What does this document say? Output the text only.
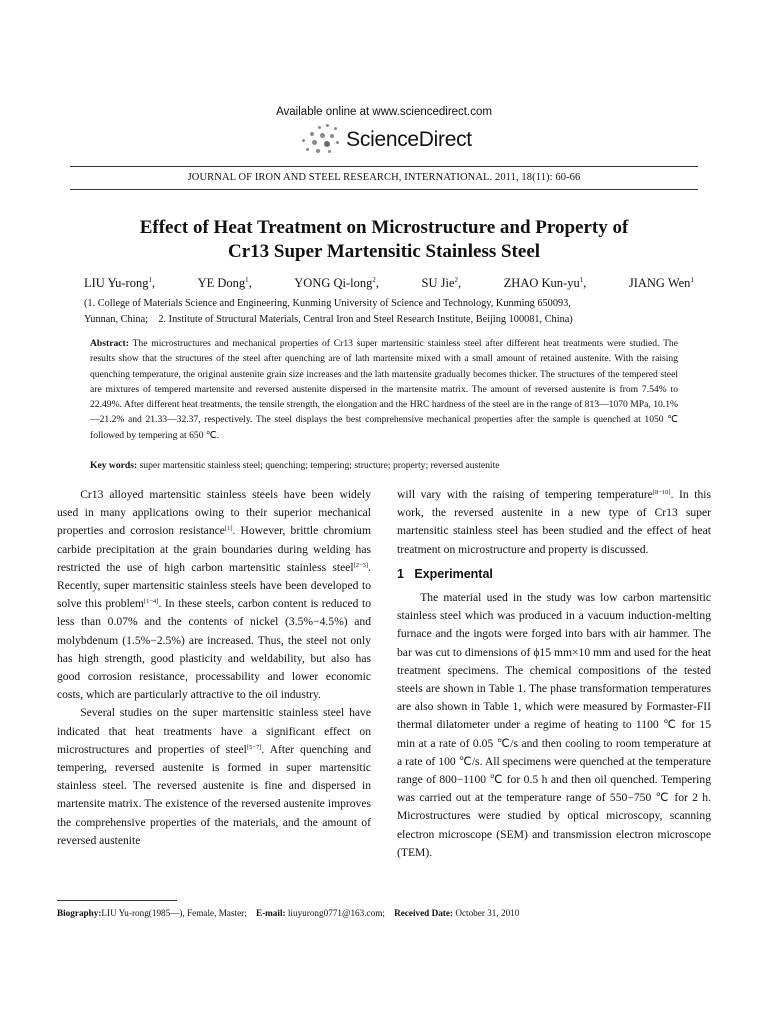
Available online at www.sciencedirect.com
ScienceDirect
JOURNAL OF IRON AND STEEL RESEARCH, INTERNATIONAL. 2011, 18(11): 60-66
Effect of Heat Treatment on Microstructure and Property of
Cr13 Super Martensitic Stainless Steel
LIU Yu-rong$^1$,	YE Dong$^1$,	YONG Qi-long$^2$,	SU Jie$^2$,	ZHAO Kun-$yu^1$,	JIANG Wen$^1$
(1. College of Materials Science and Engineering, Kunming University of Science and Technology, Kunming 650093,
Yunnan, China;    2. Institute of Structural Materials, Central Iron and Steel Research Institute, Beijing 100081, China)
Abstract: The microstructures and mechanical properties of Cr13 super martensitic stainless steel after different heat treatments were studied. The results show that the structures of the steel after quenching are of lath martensite mixed with a small amount of retained austenite. With the raising quenching temperature, the original austenite grain size increases and the lath martensite gradually becomes thicker. The structures of the tempered steel are mixtures of tempered martensite and reversed austenite dispersed in the martensite matrix. The amount of reversed austenite is from 7.54% to 22.49%. After different heat treatments, the tensile strength, the elongation and the HRC hardness of the steel are in the range of 813—1070 MPa, 10.1%—21.2% and 21.33—32.37, respectively. The steel displays the best comprehensive mechanical properties after the sample is quenched at 1050 ℃ followed by tempering at 650 ℃.
Key words: super martensitic stainless steel; quenching; tempering; structure; property; reversed austenite

Cr13 alloyed martensitic stainless steels have been widely used in many applications owing to their superior mechanical properties and corrosion resistance[1]. However, brittle chromium carbide precipitation at the grain boundaries during welding has restricted the use of high carbon martensitic stainless steel[2−3]. Recently, super martensitic stainless steels have been developed to solve this problem[1−4]. In these steels, carbon content is reduced to less than 0.07% and the contents of nickel (3.5%−4.5%) and molybdenum (1.5%−2.5%) are increased. Thus, the steel not only has high strength, good plasticity and weldability, but also has good corrosion resistance, processability and lower economic costs, which are particularly attractive to the oil industry.

Several studies on the super martensitic stainless steel have indicated that heat treatments have a significant effect on microstructures and properties of steel[5−7]. After quenching and tempering, reversed austenite is formed in super martensitic stainless steel. The reversed austenite is fine and dispersed in martensite matrix. The existence of the reversed austenite improves the comprehensive properties of the materials, and the amount of reversed austenite

will vary with the raising of tempering temperature[8−10]. In this work, the reversed austenite in a new type of Cr13 super martensitic stainless steel has been studied and the effect of heat treatment on microstructure and property is discussed.

1   Experimental

The material used in the study was low carbon martensitic stainless steel which was produced in a vacuum induction-melting furnace and the ingots were forged into bars with air hammer. The bar was cut to dimensions of ϕ15 mm×10 mm and used for the heat treatment specimens. The chemical compositions of the tested steels are shown in Table 1. The phase transformation temperatures are also shown in Table 1, which were measured by Formaster-FII thermal dilatometer under a regime of heating to 1100 ℃ for 15 min at a rate of 0.05 ℃/s and then cooling to room temperature at a rate of 100 ℃/s. All specimens were quenched at the temperature range of 800−1100 ℃ for 0.5 h and then oil quenched. Tempering was carried out at the temperature range of 550−750 ℃ for 2 h. Microstructures were studied by optical microscopy, scanning electron microscope (SEM) and transmission electron microscope (TEM).

Biography:LIU Yu-rong(1985—), Female, Master; E-mail: liuyurong0771@163.com; Received Date: October 31, 2010
